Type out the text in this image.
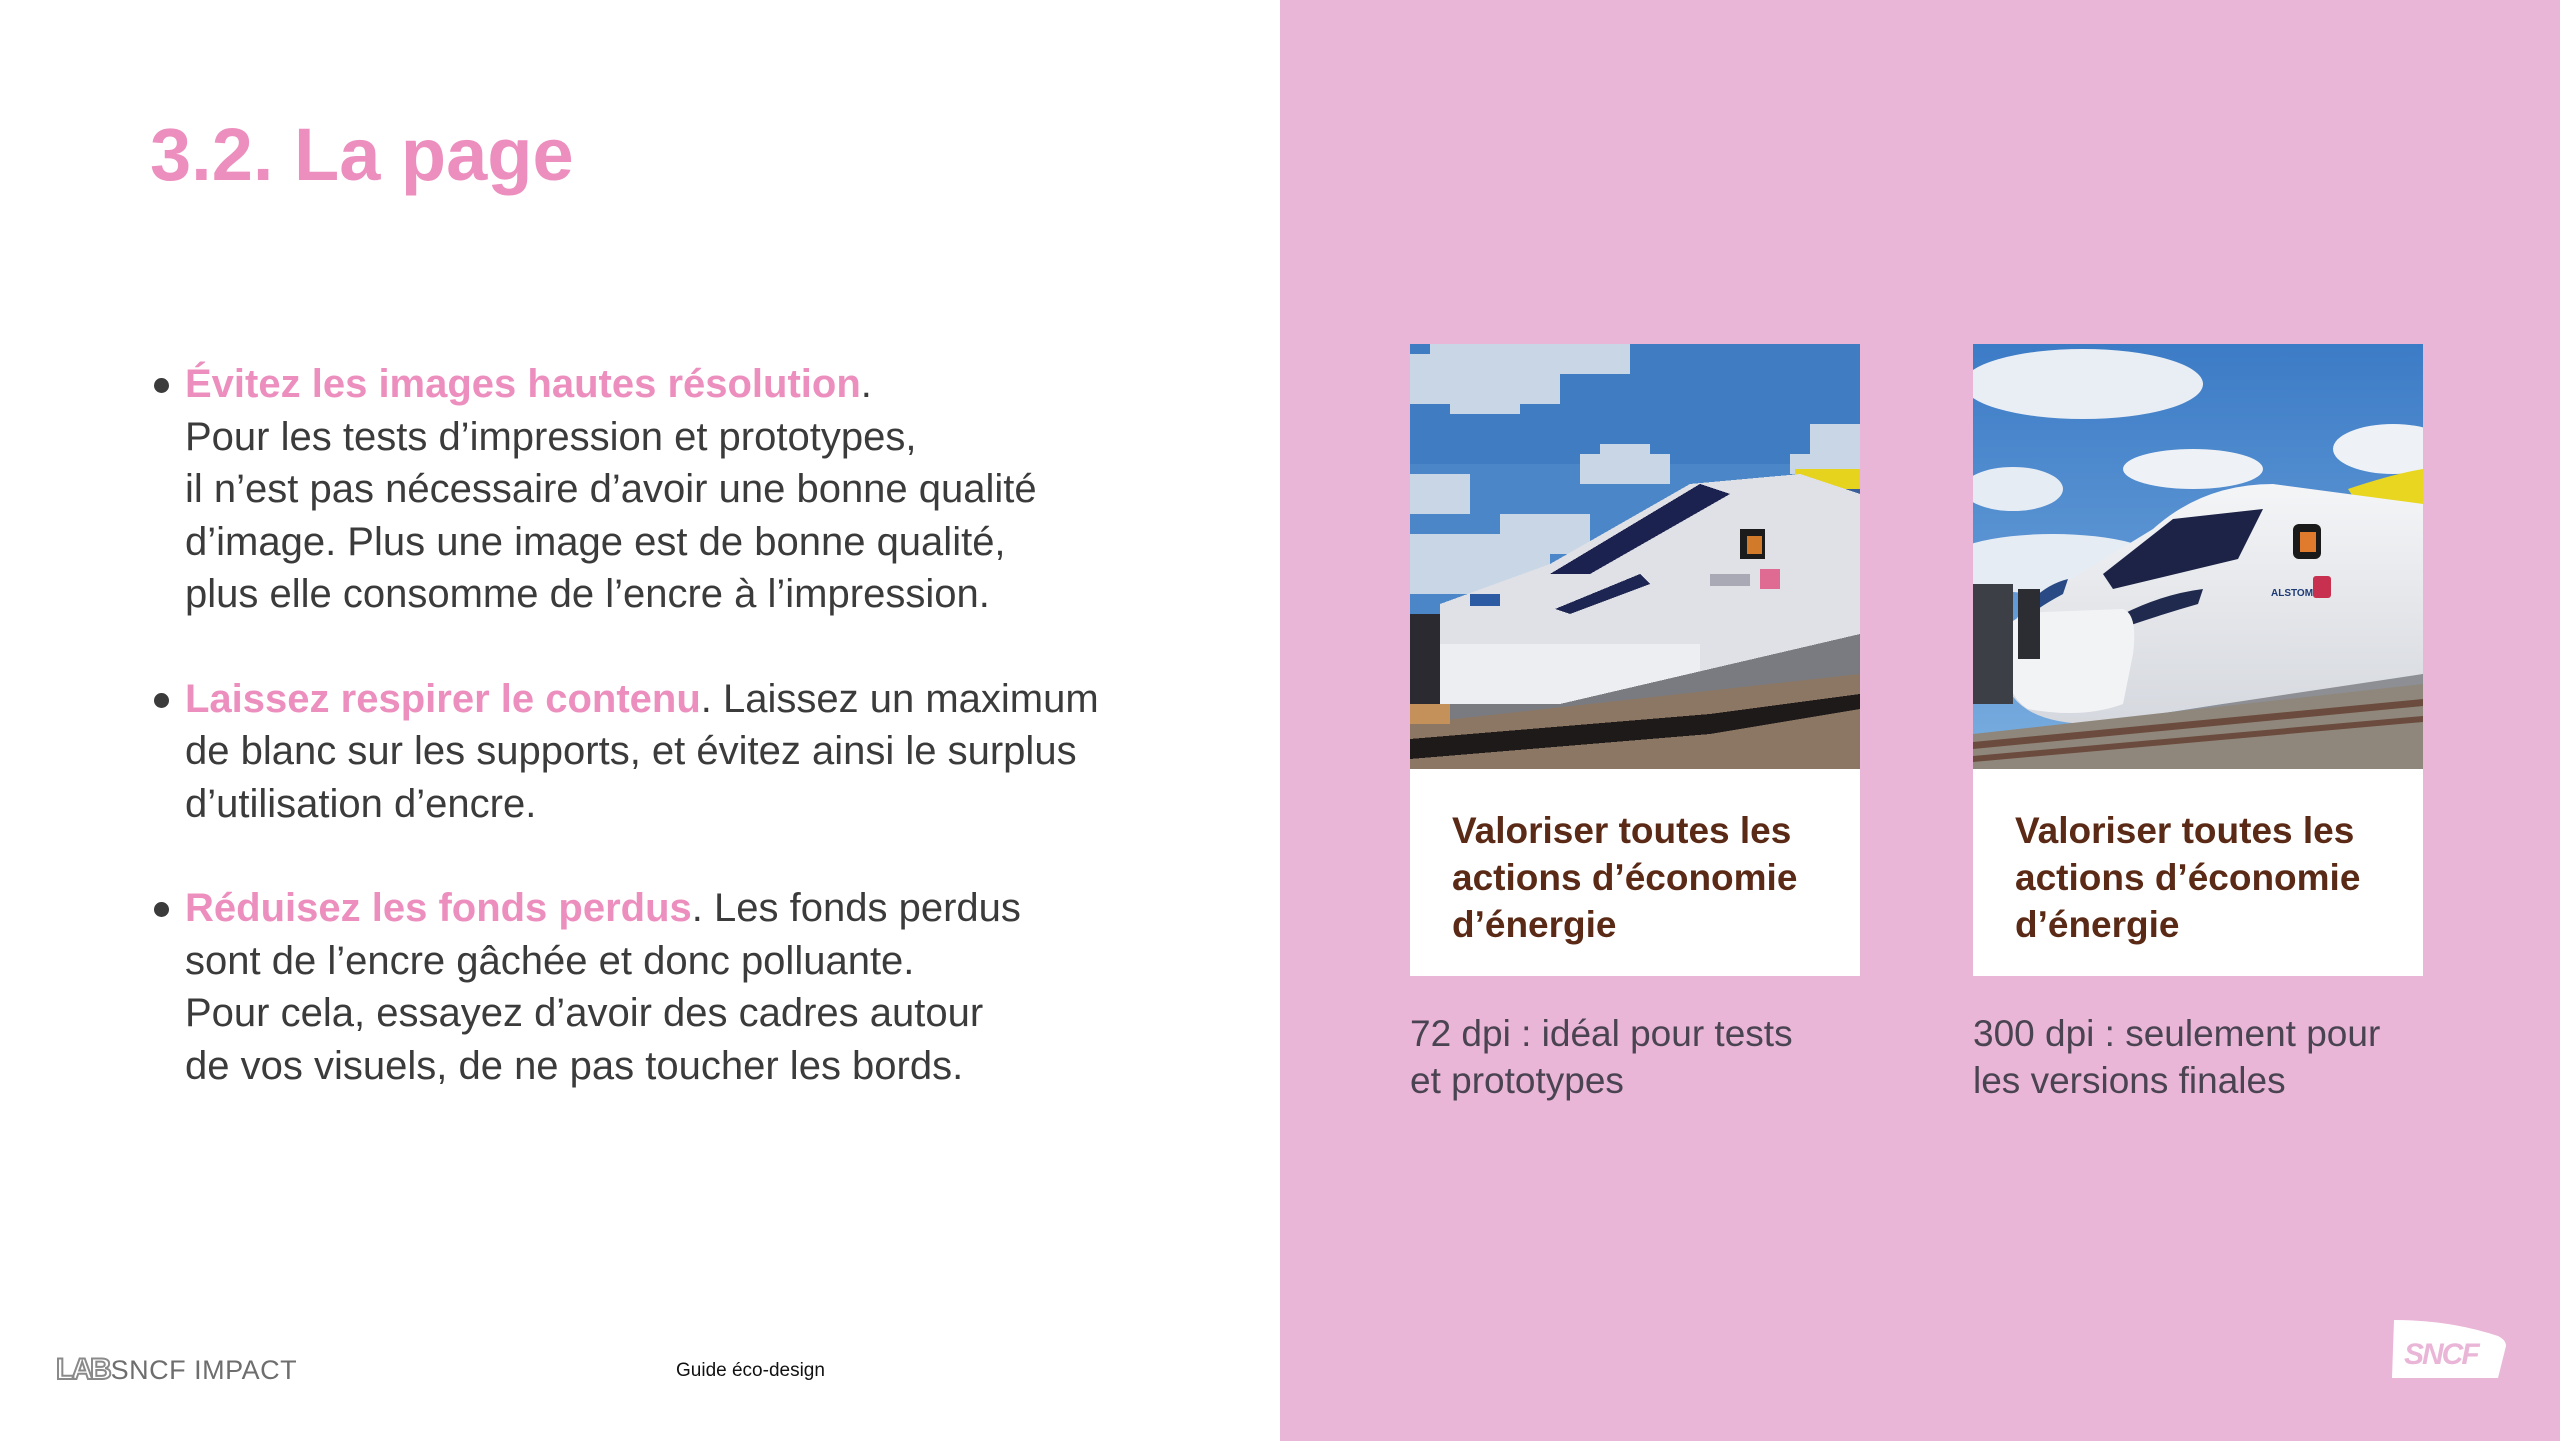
3.2. La page
Évitez les images hautes résolution.
Pour les tests d’impression et prototypes,
il n’est pas nécessaire d’avoir une bonne qualité
d’image. Plus une image est de bonne qualité,
plus elle consomme de l’encre à l’impression.
Laissez respirer le contenu. Laissez un maximum
de blanc sur les supports, et évitez ainsi le surplus
d’utilisation d’encre.
Réduisez les fonds perdus. Les fonds perdus
sont de l’encre gâchée et donc polluante.
Pour cela, essayez d’avoir des cadres autour
de vos visuels, de ne pas toucher les bords.
Valoriser toutes les
actions d’économie
d’énergie
72 dpi : idéal pour tests
et prototypes
ALSTOM
Valoriser toutes les
actions d’économie
d’énergie
300 dpi : seulement pour
les versions finales
LAB SNCF IMPACT	Guide éco-design	SNCF
